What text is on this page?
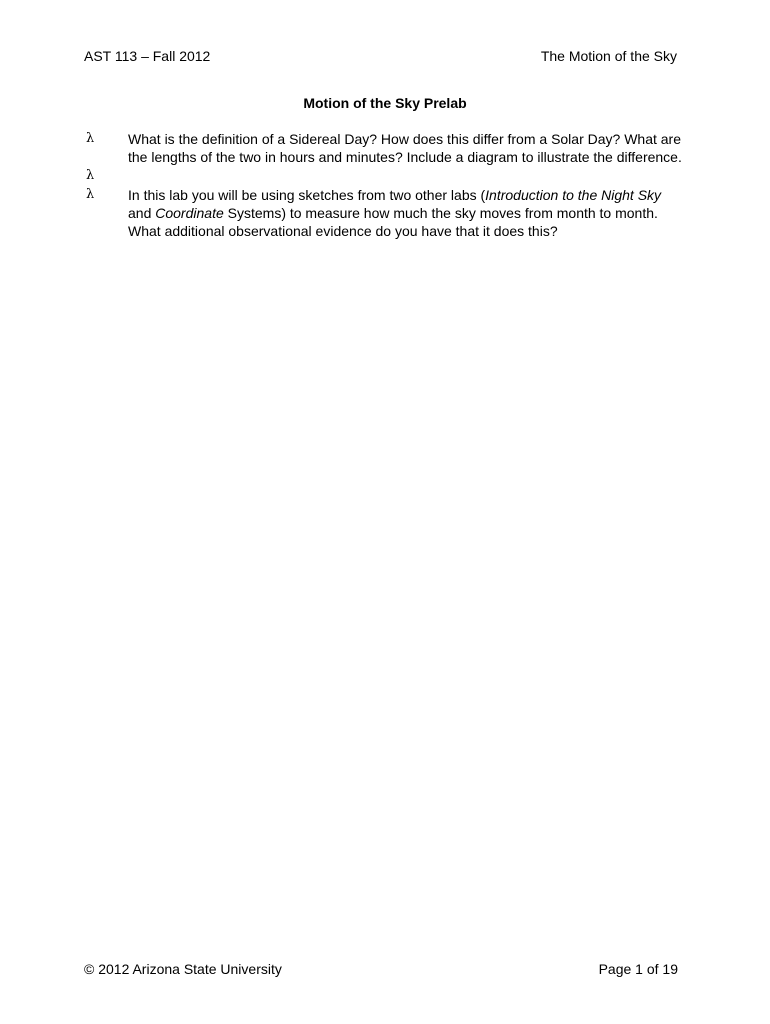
AST 113 – Fall 2012	The Motion of the Sky
Motion of the Sky Prelab
λ What is the definition of a Sidereal Day? How does this differ from a Solar Day? What are the lengths of the two in hours and minutes? Include a diagram to illustrate the difference.
λ
λ In this lab you will be using sketches from two other labs (Introduction to the Night Sky and Coordinate Systems) to measure how much the sky moves from month to month. What additional observational evidence do you have that it does this?
© 2012 Arizona State University	Page 1 of 19
